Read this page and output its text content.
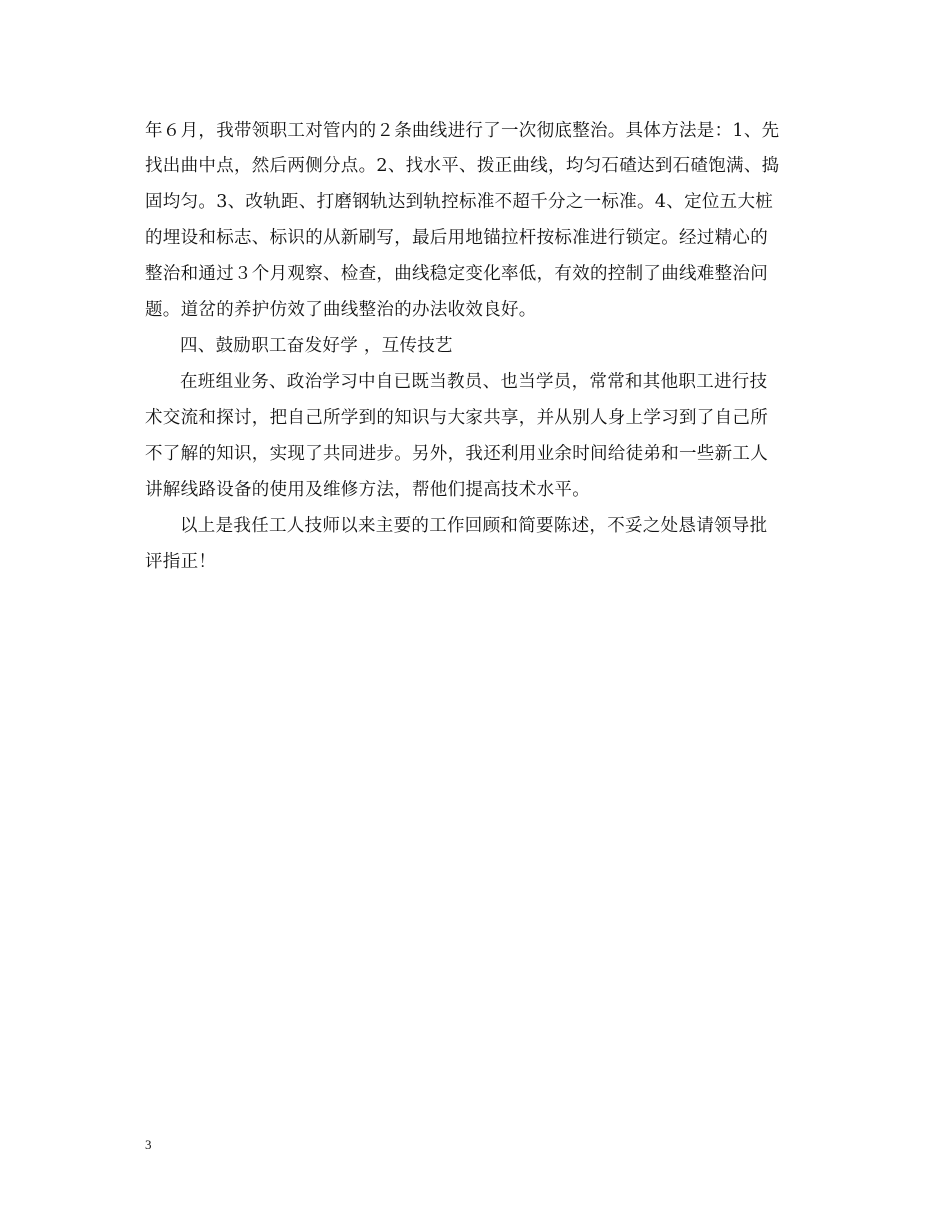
年６月，我带领职工对管内的２条曲线进行了一次彻底整治。具体方法是：1、先
找出曲中点，然后两侧分点。2、找水平、拨正曲线，均匀石碴达到石碴饱满、捣
固均匀。3、改轨距、打磨钢轨达到轨控标准不超千分之一标准。4、定位五大桩
的埋设和标志、标识的从新刷写，最后用地锚拉杆按标准进行锁定。经过精心的
整治和通过３个月观察、检查，曲线稳定变化率低，有效的控制了曲线难整治问
题。道岔的养护仿效了曲线整治的办法收效良好。
四、鼓励职工奋发好学 ，互传技艺
在班组业务、政治学习中自已既当教员、也当学员，常常和其他职工进行技
术交流和探讨，把自己所学到的知识与大家共享，并从别人身上学习到了自己所
不了解的知识，实现了共同进步。另外，我还利用业余时间给徒弟和一些新工人
讲解线路设备的使用及维修方法，帮他们提高技术水平。
以上是我任工人技师以来主要的工作回顾和简要陈述，不妥之处恳请领导批
评指正！
3
